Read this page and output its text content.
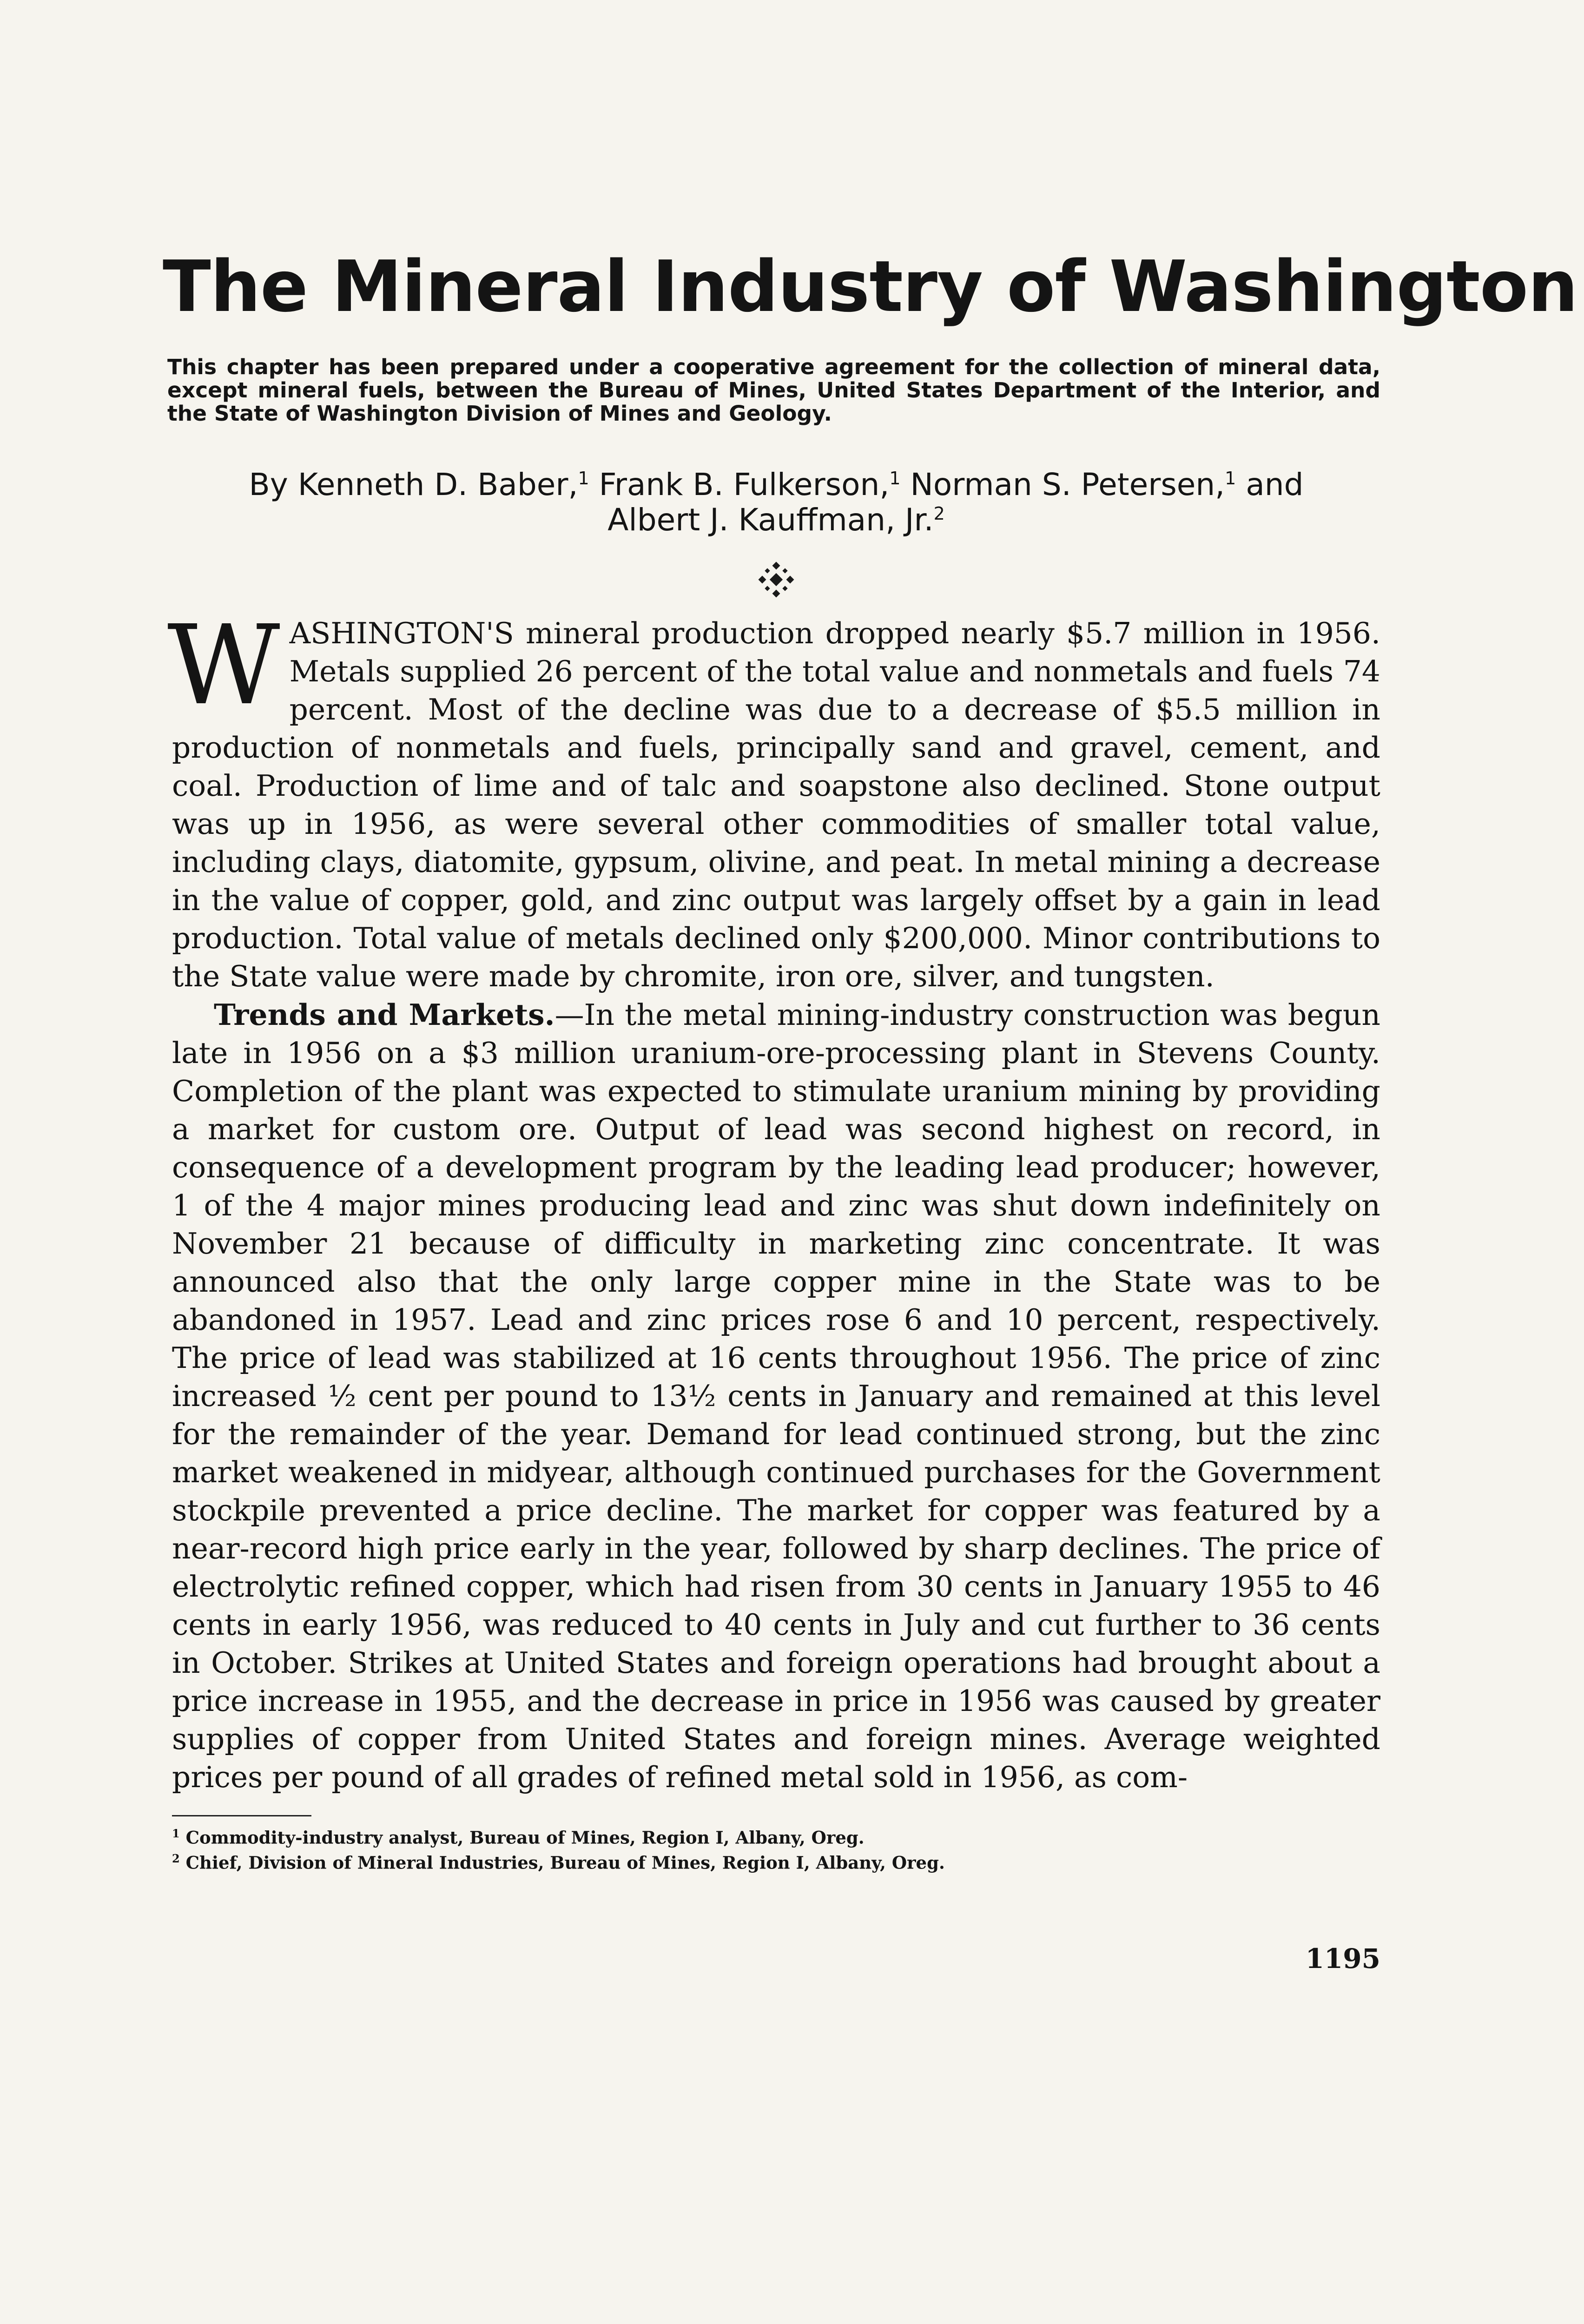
The Mineral Industry of Washington

This chapter has been prepared under a cooperative agreement for the collection of mineral data, except mineral fuels, between the Bureau of Mines, United States Department of the Interior, and the State of Washington Division of Mines and Geology.

By Kenneth D. Baber,$^1$ Frank B. Fulkerson,$^1$ Norman S. Petersen,$^1$ and
Albert J. Kauffman, Jr.$^2$

WASHINGTON'S mineral production dropped nearly $5.7 million in 1956. Metals supplied 26 percent of the total value and nonmetals and fuels 74 percent. Most of the decline was due to a decrease of $5.5 million in production of nonmetals and fuels, principally sand and gravel, cement, and coal. Production of lime and of talc and soapstone also declined. Stone output was up in 1956, as were several other commodities of smaller total value, including clays, diatomite, gypsum, olivine, and peat. In metal mining a decrease in the value of copper, gold, and zinc output was largely offset by a gain in lead production. Total value of metals declined only $200,000. Minor contributions to the State value were made by chromite, iron ore, silver, and tungsten.

Trends and Markets.—In the metal mining-industry construction was begun late in 1956 on a $3 million uranium-ore-processing plant in Stevens County. Completion of the plant was expected to stimulate uranium mining by providing a market for custom ore. Output of lead was second highest on record, in consequence of a development program by the leading lead producer; however, 1 of the 4 major mines producing lead and zinc was shut down indefinitely on November 21 because of difficulty in marketing zinc concentrate. It was announced also that the only large copper mine in the State was to be abandoned in 1957. Lead and zinc prices rose 6 and 10 percent, respectively. The price of lead was stabilized at 16 cents throughout 1956. The price of zinc increased ½ cent per pound to 13½ cents in January and remained at this level for the remainder of the year. Demand for lead continued strong, but the zinc market weakened in midyear, although continued purchases for the Government stockpile prevented a price decline. The market for copper was featured by a near-record high price early in the year, followed by sharp declines. The price of electrolytic refined copper, which had risen from 30 cents in January 1955 to 46 cents in early 1956, was reduced to 40 cents in July and cut further to 36 cents in October. Strikes at United States and foreign operations had brought about a price increase in 1955, and the decrease in price in 1956 was caused by greater supplies of copper from United States and foreign mines. Average weighted prices per pound of all grades of refined metal sold in 1956, as com-

$^1$ Commodity-industry analyst, Bureau of Mines, Region I, Albany, Oreg.
$^2$ Chief, Division of Mineral Industries, Bureau of Mines, Region I, Albany, Oreg.
1195
